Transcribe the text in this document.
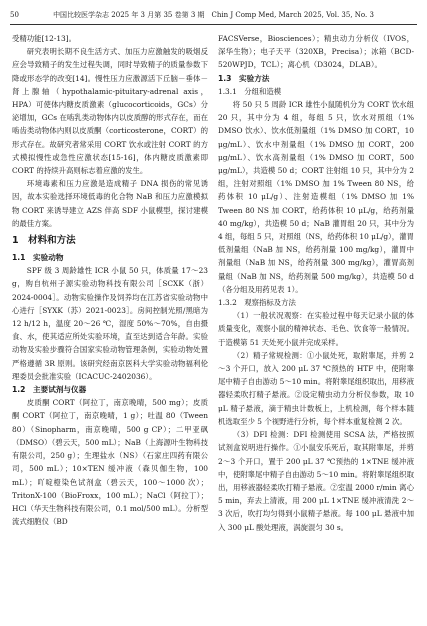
50	中国比较医学杂志 2025 年 3 月第 35 卷第 3 期　Chin J Comp Med, March 2025, Vol. 35, No. 3

受精功能[12-13]。

研究表明长期不良生活方式、加压力应激触发的吸烟反应会导致精子的发生过程失调，同时导致精子的质量参数下降或形态学的改变[14]。慢性压力应激源活下丘脑－垂体－肾上腺轴（hypothalamic-pituitary-adrenal axis，HPA）可使体内糖皮质激素（glucocorticoids，GCs）分泌增加，GCs 在啮乳类动物体内以皮质醇的形式存在，而在啮齿类动物体内则以皮质酮（corticosterone，CORT）的形式存在。故研究者常采用 CORT 饮水或注射 CORT 的方式模拟慢性或急性应激状态[15-16]，体内糖皮质激素即 CORT 的持续升高则标志着应激的发生。

环境毒素和压力应激是造成精子 DNA 损伤的常见诱因，故本实验选择环境低毒的化合物 NaB 和压力应激模拟物 CORT 来诱导建立 AZS 伴高 SDF 小鼠模型，探讨建模的最佳方案。

1　材料和方法
1.1　实验动物

SPF 级 3 周龄雄性 ICR 小鼠 50 只，体质量 17～23 g，购自杭州子源实验动物科技有限公司［SCXK（浙）2024-0004］。动物实验操作及饲养均在江苏省实验动物中心进行［SYXK（苏）2021-0023］。房间控制光照/黑暗为 12 h/12 h，温度 20～26 ℃，湿度 50%～70%，自由摄食、水，使其适应所处实验环境，直至达到适合年龄。实验动物及实验步骤符合国家实验动物管理条例，实验动物处置严格遵循 3R 原则。该研究经南京医科大学实验动物福利伦理委员会批准实验（ICACUC-2402036）。

1.2　主要试剂与仪器

皮质酮 CORT（阿拉丁，南京晚晴，500 mg）；皮质酮 CORT（阿拉丁，南京晚晴，1 g）；吐温 80（Tween 80）（Sinopharm，南京晚晴，500 g CP）；二甲亚砜（DMSO）（碧云天，500 mL）；NaB（上海源叶生物科技有限公司，250 g）；生理盐水（NS）（石家庄四药有限公司，500 mL）；10×TEN 缓冲液（森贝伽生物，100 mL）；吖啶橙染色试剂盒（碧云天，100～1000 次）；TritonX-100（BioFroxx，100 mL）；NaCl（阿拉丁）；HCl（华天生物科技有限公司，0.1 mol/500 mL）。分析型流式细胞仪（BD

FACSVerse，Biosciences）；精虫动力分析仪（IVOS，深华生物）；电子天平（320XB，Precisa）；冰箱（BCD-520WPJD，TCL）；离心机（D3024，DLAB）。

1.3　实验方法
1.3.1　分组和造模

将 50 只 5 周龄 ICR 雄性小鼠随机分为 CORT 饮水组 20 只，其中分为 4 组，每组 5 只，饮水对照组（1% DMSO 饮水）、饮水低剂量组（1% DMSO 加 CORT，10 μg/mL）、饮水中剂量组（1% DMSO 加 CORT，200 μg/mL）、饮水高剂量组（1% DMSO 加 CORT，500 μg/mL），共造模 50 d；CORT 注射组 10 只，其中分为 2 组，注射对照组（1% DMSO 加 1% Tween 80 NS，给药体积 10 μL/g）、注射造模组（1% DMSO 加 1% Tween 80 NS 加 CORT，给药体积 10 μL/g，给药剂量 40 mg/kg），共造模 50 d；NaB 灌胃组 20 只，其中分为 4 组，每组 5 只，对照组（NS，给药体积 10 μL/g），灌胃低剂量组（NaB 加 NS，给药剂量 100 mg/kg），灌胃中剂量组（NaB 加 NS，给药剂量 300 mg/kg），灌胃高剂量组（NaB 加 NS，给药剂量 500 mg/kg），共造模 50 d（各分组及用药见表 1）。

1.3.2　观察指标及方法

（1）一般状况观察：在实验过程中每天记录小鼠的体质量变化，观察小鼠的精神状态、毛色、饮食等一般情况。于造模第 51 天处死小鼠并完成采样。

（2）精子常规检测：①小鼠处死，取附睾尾，并剪 2～3 个开口，放入 200 μL 37 ℃预热的 HTF 中，使附睾尾中精子自由游动 5～10 min。将附睾尾组织取出，用移液器轻柔吹打精子悬液。②设定精虫动力分析仪参数，取 10 μL 精子悬液，滴于精虫计数板上，上机检测，每个样本随机选取至少 5 个视野进行分析，每个样本重复检测 2 次。

（3）DFI 检测：DFI 检测使用 SCSA 法，严格按照试剂盒说明进行操作。①小鼠安乐死后，取其附睾尾，并剪 2～3 个开口，置于 200 μL 37 ℃预热的 1×TNE 缓冲液中，使附睾尾中精子自由游动 5～10 min。将附睾尾组织取出，用移液器轻柔吹打精子悬液。②室温 2000 r/min 离心 5 min，弃去上清液，用 200 μL 1×TNE 缓冲液清洗 2～3 次后，吹打均匀得到小鼠精子悬液。每 100 μL 悬液中加入 300 μL 酸处理液，涡旋混匀 30 s。
